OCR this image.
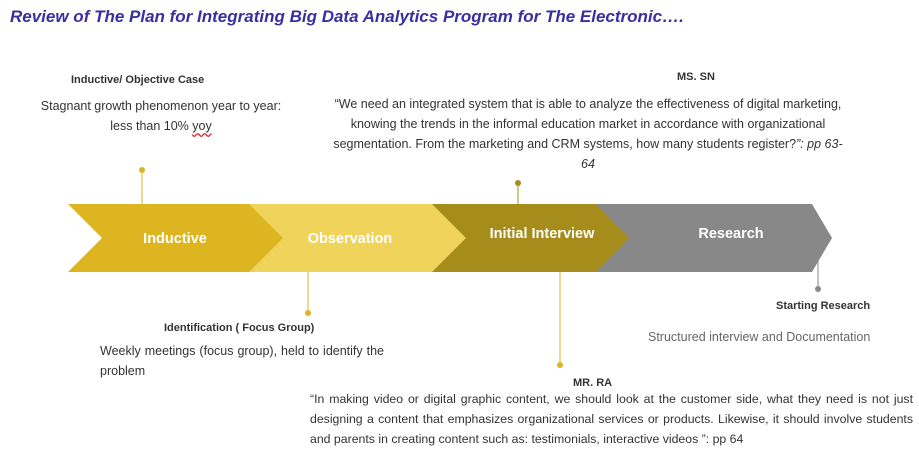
Review of The Plan for Integrating Big Data Analytics Program for The Electronic….
Inductive	Observation	Initial Interview	Research
Inductive/ Objective Case
Stagnant growth phenomenon year to year: less than 10% yoy
MS. SN
“We need an integrated system that is able to analyze the effectiveness of digital marketing, knowing the trends in the informal education market in accordance with organizational segmentation. From the marketing and CRM systems, how many students register?”: pp 63-64
Identification ( Focus Group)
Weekly meetings (focus group), held to identify the problem
Starting Research
Structured interview and Documentation
MR. RA
“In making video or digital graphic content, we should look at the customer side, what they need is not just designing a content that emphasizes organizational services or products. Likewise, it should involve students and parents in creating content such as: testimonials, interactive videos ”: pp 64
